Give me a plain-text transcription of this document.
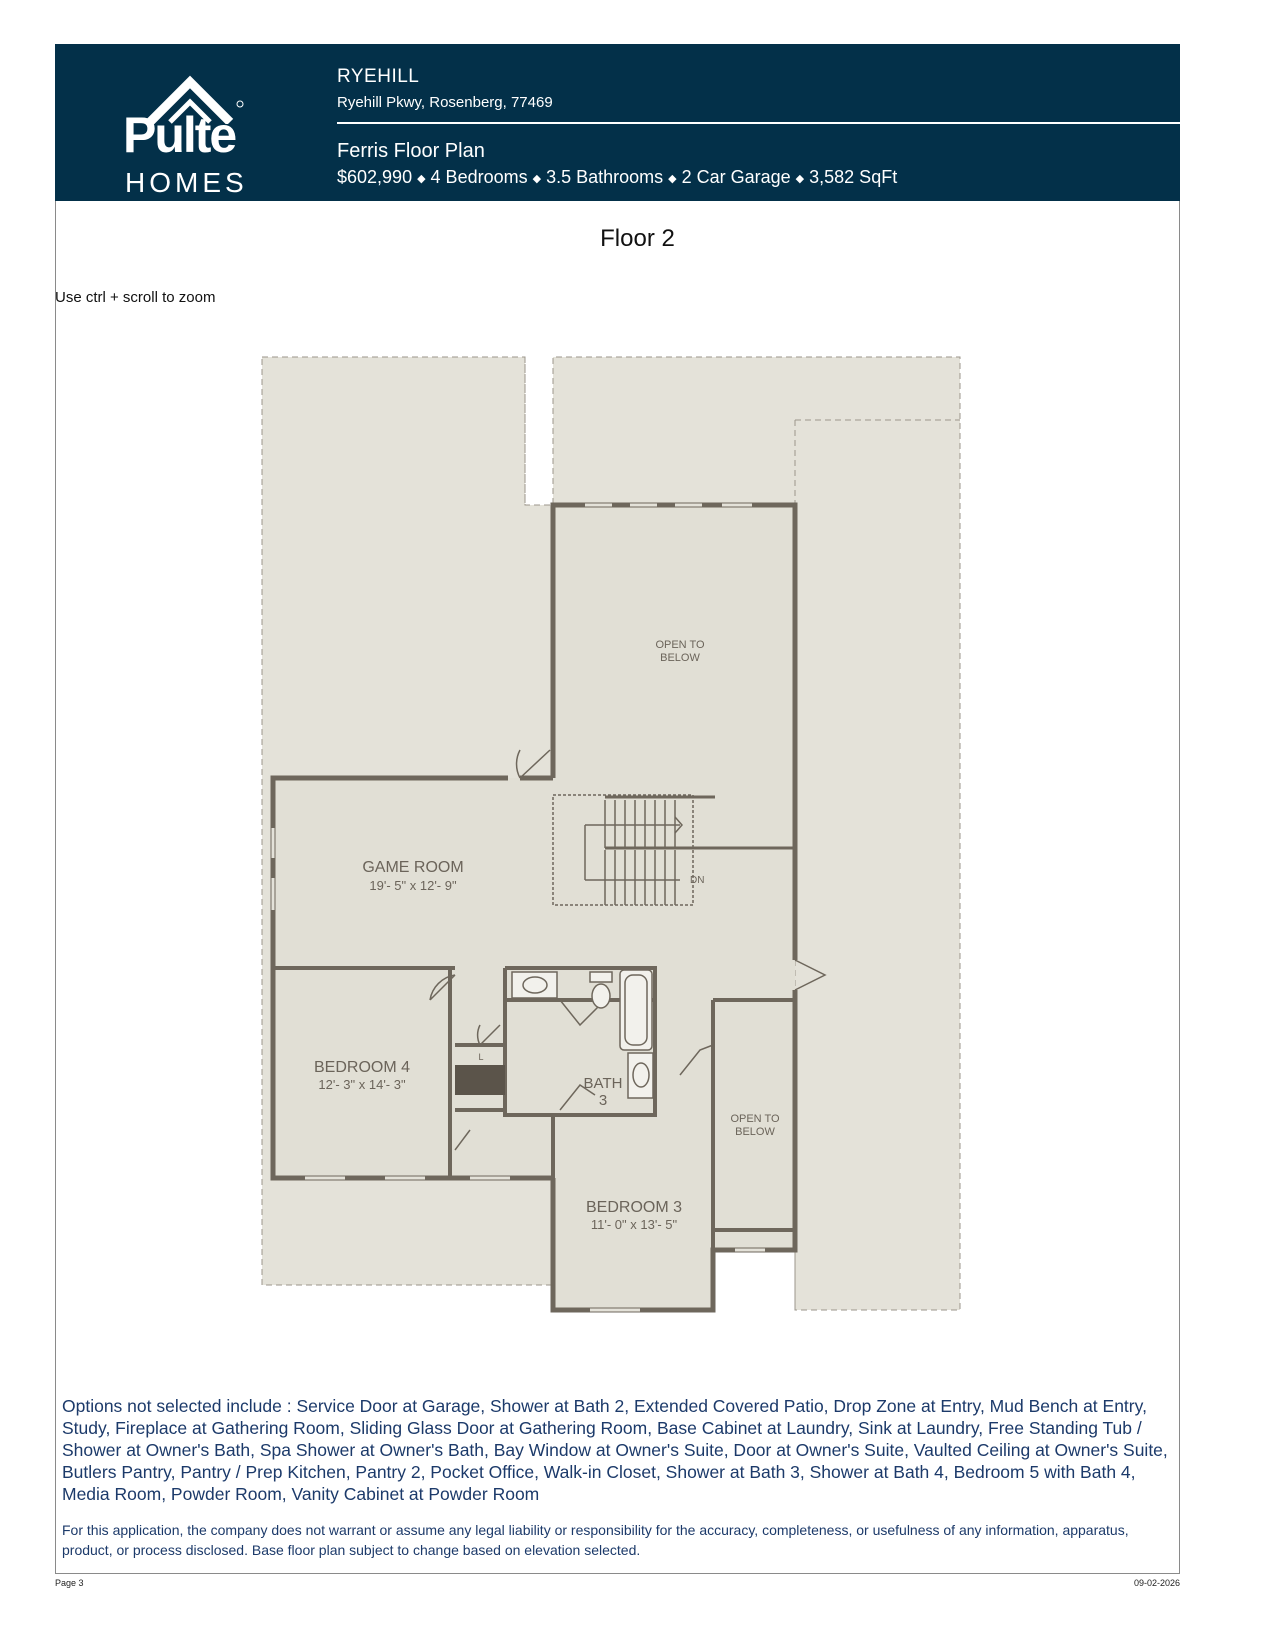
Pulte
HOMES
RYEHILL
Ryehill Pkwy, Rosenberg, 77469
Ferris Floor Plan
$602,990 ◆ 4 Bedrooms ◆ 3.5 Bathrooms ◆ 2 Car Garage ◆ 3,582 SqFt
Floor 2
Use ctrl + scroll to zoom
OPEN TO
BELOW
GAME ROOM
19'- 5" x 12'- 9"
BEDROOM 4
12'- 3" x 14'- 3"	BATH
3
OPEN TO
BELOW
BEDROOM 3
11'- 0" x 13'- 5"
DN
L
Options not selected include : Service Door at Garage, Shower at Bath 2, Extended Covered Patio, Drop Zone at Entry, Mud Bench at Entry, Study, Fireplace at Gathering Room, Sliding Glass Door at Gathering Room, Base Cabinet at Laundry, Sink at Laundry, Free Standing Tub / Shower at Owner's Bath, Spa Shower at Owner's Bath, Bay Window at Owner's Suite, Door at Owner's Suite, Vaulted Ceiling at Owner's Suite, Butlers Pantry, Pantry / Prep Kitchen, Pantry 2, Pocket Office, Walk-in Closet, Shower at Bath 3, Shower at Bath 4, Bedroom 5 with Bath 4, Media Room, Powder Room, Vanity Cabinet at Powder Room
For this application, the company does not warrant or assume any legal liability or responsibility for the accuracy, completeness, or usefulness of any information, apparatus, product, or process disclosed. Base floor plan subject to change based on elevation selected.
Page 3	09-02-2026
